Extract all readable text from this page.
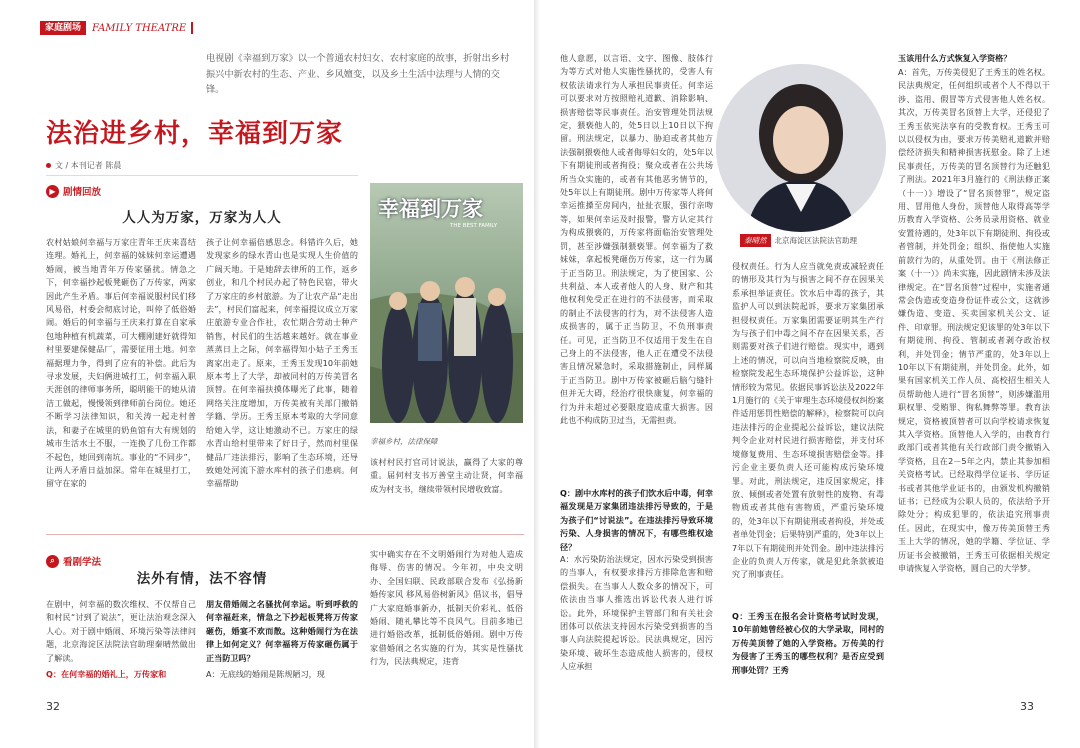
家庭剧场	FAMILY THEATRE
电视剧《幸福到万家》以一个普通农村妇女、农村家庭的故事，折射出乡村振兴中新农村的生态、产业、乡风嬗变，以及乡土生活中法理与人情的交锋。
法治进乡村，幸福到万家
文 / 本刊记者 陈晨
▶ 剧情回放
人人为万家，万家为人人
农村姑娘何幸福与万家庄青年王庆来喜结连理。婚礼上，何幸福的妹妹何幸运遭遇婚闹，被当地青年万传家骚扰。情急之下，何幸福抄起板凳砸伤了万传家，两家因此产生矛盾。事后何幸福说服村民们移风易俗，村委会彻底讨论，叫停了低俗婚闹。婚后的何幸福与王庆来打算在自家承包地种植有机蔬菜，可大棚刚建好就得知村里要建保健品厂，需要征用土地。何幸福据理力争，得到了应有的补偿。此后为寻求发展，夫妇俩进城打工，何幸福入职天涯创的律师事务所，聪明能干的她从清洁工做起，慢慢领到律师前台岗位。她还不断学习法律知识，和关涛一起走村普法，和妻子在城里的奶鱼馆有大有规划的城市生活水土不服，一连换了几份工作都不起色，她回到南坑。事业的“不同步”，让两人矛盾日益加深。常年在城里打工，留守在家的
孩子让何幸福倍感思念。科错许久后，她发现家乡的绿水青山也是实现人生价值的广阔天地。于是她辞去律所的工作，返乡创业，和几个村民办起了特色民宿，带火了万家庄的乡村旅游。为了让农产品“走出去”，村民们富起来，何幸福提议成立万家庄旅游专业合作社，农忙期合劳动士种产销售，村民们的生活越来越好。就在事业蒸蒸日上之际，何幸福得知小姑子王秀玉离家出走了。原来，王秀玉发现10年前她原本考上了大学，却被同村的万传美冒名顶替。在何幸福扶摸体曝光了此事，随着网络关注度增加，万传美被有关部门撤销学籍、学历。王秀玉原本考取的大学同意给她入学，这让她激动不已。万家庄的绿水青山给村里带来了好日子，然而村里保健品厂违法排污，影响了生态环境，还导致她处河流下游水库村的孩子们患病。何幸福帮助
幸福到万家
THE BEST FAMILY
幸福乡村，法律保障
该村村民打官司讨说法，赢得了大家的尊重。届何村支书万善堂主动让贤，何幸福成为村支书，继续带领村民增收致富。
⌕ 看剧学法
法外有情，法不容情
在剧中，何幸福的数次维权、不仅帮自己和村民“讨到了说法”，更让法治观念深入人心。对于剧中婚闹、环境污染等法律问题，北京海淀区法院法官助理秦晴然做出了解读。
Q：在何幸福的婚礼上，万传家和
朋友借婚闹之名骚扰何幸运。听到呼救的何幸福赶来，情急之下抄起板凳将万传家砸伤，婚宴不欢而散。这种婚闹行为在法律上如何定义？何幸福将万传家砸伤属于正当防卫吗？
A：无底线的婚闹是陈规陋习，现
实中确实存在不文明婚闹行为对他人造成侮辱、伤害的情况。今年初，中央文明办、全国妇联、民政部联合发布《弘扬新婚传家风 移风易俗树新风》倡议书，倡导广大家庭婚事新办，抵制天价彩礼、低俗婚闹、随礼攀比等不良风气。目前多地已进行婚俗改革，抵制低俗婚闹。剧中万传家借婚闹之名实施的行为，其实是性骚扰行为，民法典规定，违背
32
他人意愿，以言语、文字、图像、肢体行为等方式对他人实施性骚扰的，受害人有权依法请求行为人承担民事责任。何幸运可以要求对方按照赔礼道歉、消除影响、损害赔偿等民事责任。治安管理处罚法规定，猥亵他人的，处5日以上10日以下拘留。刑法规定，以暴力、胁迫或者其他方法强制猥亵他人或者侮辱妇女的，处5年以下有期徒刑或者拘役；聚众或者在公共场所当众实施的，或者有其他恶劣情节的，处5年以上有期徒刑。剧中万传家等人将何幸运推搡至房间内，扯扯衣服，强行亲吻等，如果何幸运及时报警，警方认定其行为构成猥亵的，万传家将面临治安管理处罚，甚至涉嫌强制猥亵罪。何幸福为了救妹妹，拿起板凳砸伤万传家，这一行为属于正当防卫。刑法规定，为了使国家、公共利益、本人或者他人的人身、财产和其他权利免受正在进行的不法侵害，而采取的制止不法侵害的行为，对不法侵害人造成损害的，属于正当防卫，不负刑事责任。可见，正当防卫不仅适用于发生在自己身上的不法侵害，他人正在遭受不法侵害且情况紧急时，采取措施制止，同样属于正当防卫。剧中万传家被砸后脑勺缝针但并无大碍，经治疗很快康复，何幸福的行为并未超过必要限度造成重大损害。因此也不构成防卫过当，无需担责。
Q：剧中水库村的孩子们饮水后中毒，何幸福发现是万家集团违法排污导致的，于是为孩子们“讨说法”。在违法排污导致环境污染、人身损害的情况下，有哪些维权途径？
A：水污染防治法规定，因水污染受到损害的当事人，有权要求排污方排除危害和赔偿损失。在当事人人数众多的情况下，可依法由当事人推选出诉讼代表人进行诉讼。此外，环境保护主管部门和有关社会团体可以依法支持因水污染受到损害的当事人向法院提起诉讼。民法典规定，因污染环境、破坏生态造成他人损害的，侵权人应承担
秦晴然	北京海淀区法院法官助理
侵权责任。行为人应当就免责或减轻责任的情形及其行为与损害之间不存在因果关系承担举证责任。饮水后中毒的孩子，其监护人可以到法院起诉，要求万家集团承担侵权责任。万家集团需要证明其生产行为与孩子们中毒之间不存在因果关系，否则需要对孩子们进行赔偿。现实中，遇到上述的情况，可以向当地检察院反映，由检察院发起生态环境保护公益诉讼，这种情形较为常见。依据民事诉讼法及2022年1月施行的《关于审理生态环境侵权纠纷案件适用惩罚性赔偿的解释》，检察院可以向违法排污的企业提起公益诉讼，建议法院判令企业对村民进行损害赔偿，并支付环境修复费用、生态环境损害赔偿金等。排污企业主要负责人还可能构成污染环境罪。对此，刑法规定，违反国家规定，排放、倾倒或者处置有放射性的废物、有毒物质或者其他有害物质，严重污染环境的，处3年以下有期徒刑或者拘役，并处或者单处罚金；后果特别严重的，处3年以上7年以下有期徒刑并处罚金。剧中违法排污企业的负责人万传家，就是犯此条款被追究了刑事责任。
Q：王秀玉在报名会计资格考试时发现，10年前她曾经被心仪的大学录取，同村的万传美顶替了她的入学资格。万传美的行为侵害了王秀玉的哪些权利？是否应受到刑事处罚？王秀
玉该用什么方式恢复入学资格？
A：首先，万传美侵犯了王秀玉的姓名权。民法典规定，任何组织或者个人不得以干涉、盗用、假冒等方式侵害他人姓名权。其次，万传美冒名顶替上大学，还侵犯了王秀玉依宪法享有的受教育权。王秀玉可以以侵权为由，要求万传美赔礼道歉并赔偿经济损失和精神损害抚慰金。除了上述民事责任，万传美的冒名顶替行为还触犯了刑法。2021年3月施行的《刑法修正案（十一）》增设了“冒名顶替罪”，规定盗用、冒用他人身份，顶替他人取得高等学历教育入学资格、公务员录用资格、就业安置待遇的，处3年以下有期徒刑、拘役或者管制，并处罚金；组织、指使他人实施前款行为的，从重处罚。由于《刑法修正案（十一）》尚未实施，因此剧情未涉及法律规定。在“冒名顶替”过程中，实施者通常会伪造或变造身份证件或公文，这就涉嫌伪造、变造、买卖国家机关公文、证件、印章罪。刑法规定犯该罪的处3年以下有期徒刑、拘役、管制或者剥夺政治权利，并处罚金；情节严重的，处3年以上10年以下有期徒刑，并处罚金。此外，如果有国家机关工作人员、高校招生相关人员帮助他人进行“冒名顶替”，则涉嫌滥用职权罪、受贿罪、徇私舞弊等罪。教育法规定，资格被顶替者可以向学校请求恢复其入学资格。顶替他人入学的，由教育行政部门或者其他有关行政部门责令撤销入学资格，且在2－5年之内，禁止其参加相关资格考试。已经取得学位证书、学历证书或者其他学业证书的，由颁发机构撤销证书；已经成为公职人员的，依法给予开除处分；构成犯罪的，依法追究刑事责任。因此，在现实中，像万传美顶替王秀玉上大学的情况，她的学籍、学位证、学历证书会被撤销，王秀玉可依据相关规定申请恢复入学资格，圆自己的大学梦。
33
